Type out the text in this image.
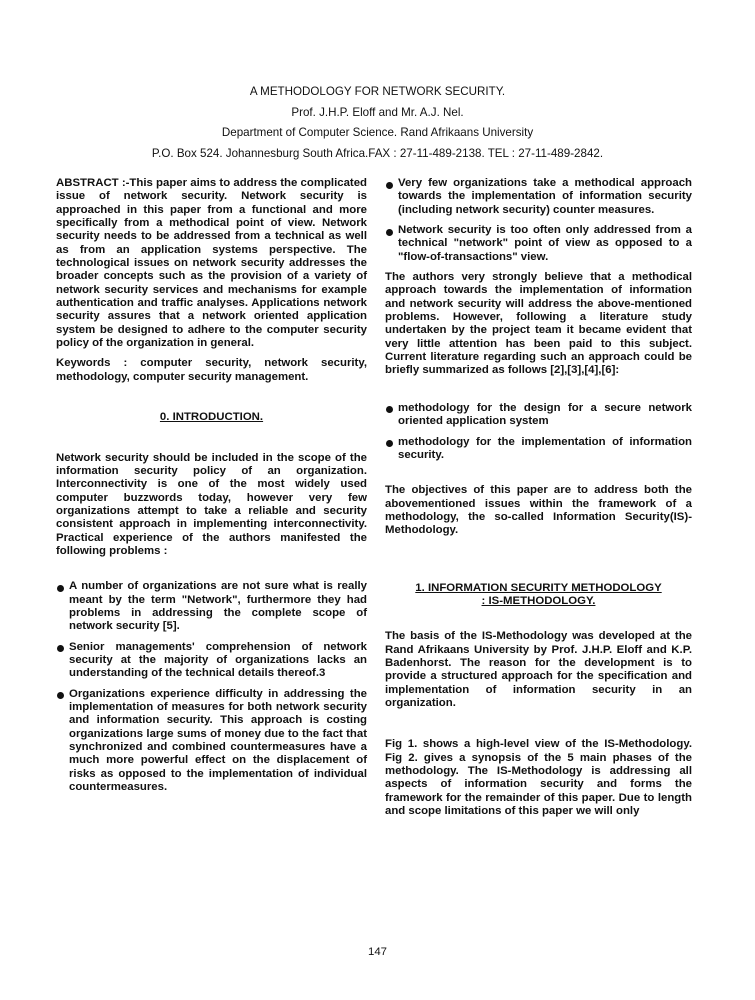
A METHODOLOGY FOR NETWORK SECURITY.
Prof. J.H.P. Eloff and Mr. A.J. Nel.
Department of Computer Science. Rand Afrikaans University
P.O. Box 524. Johannesburg South Africa.FAX : 27-11-489-2138. TEL : 27-11-489-2842.

ABSTRACT :-This paper aims to address the complicated issue of network security. Network security is approached in this paper from a functional and more specifically from a methodical point of view. Network security needs to be addressed from a technical as well as from an application systems perspective. The technological issues on network security addresses the broader concepts such as the provision of a variety of network security services and mechanisms for example authentication and traffic analyses. Applications network security assures that a network oriented application system be designed to adhere to the computer security policy of the organization in general.

Keywords : computer security, network security, methodology, computer security management.

0. INTRODUCTION.

Network security should be included in the scope of the information security policy of an organization. Interconnectivity is one of the most widely used computer buzzwords today, however very few organizations attempt to take a reliable and security consistent approach in implementing interconnectivity. Practical experience of the authors manifested the following problems :

A number of organizations are not sure what is really meant by the term "Network", furthermore they had problems in addressing the complete scope of network security [5].
Senior managements' comprehension of network security at the majority of organizations lacks an understanding of the technical details thereof.3
Organizations experience difficulty in addressing the implementation of measures for both network security and information security. This approach is costing organizations large sums of money due to the fact that synchronized and combined countermeasures have a much more powerful effect on the displacement of risks as opposed to the implementation of individual countermeasures.
Very few organizations take a methodical approach towards the implementation of information security (including network security) counter measures.
Network security is too often only addressed from a technical "network" point of view as opposed to a "flow-of-transactions" view.

The authors very strongly believe that a methodical approach towards the implementation of information and network security will address the above-mentioned problems. However, following a literature study undertaken by the project team it became evident that very little attention has been paid to this subject. Current literature regarding such an approach could be briefly summarized as follows [2],[3],[4],[6]:

methodology for the design for a secure network oriented application system
methodology for the implementation of information security.

The objectives of this paper are to address both the abovementioned issues within the framework of a methodology, the so-called Information Security(IS)-Methodology.

1. INFORMATION SECURITY METHODOLOGY
: IS-METHODOLOGY.

The basis of the IS-Methodology was developed at the Rand Afrikaans University by Prof. J.H.P. Eloff and K.P. Badenhorst. The reason for the development is to provide a structured approach for the specification and implementation of information security in an organization.

Fig 1. shows a high-level view of the IS-Methodology. Fig 2. gives a synopsis of the 5 main phases of the methodology. The IS-Methodology is addressing all aspects of information security and forms the framework for the remainder of this paper. Due to length and scope limitations of this paper we will only

147
